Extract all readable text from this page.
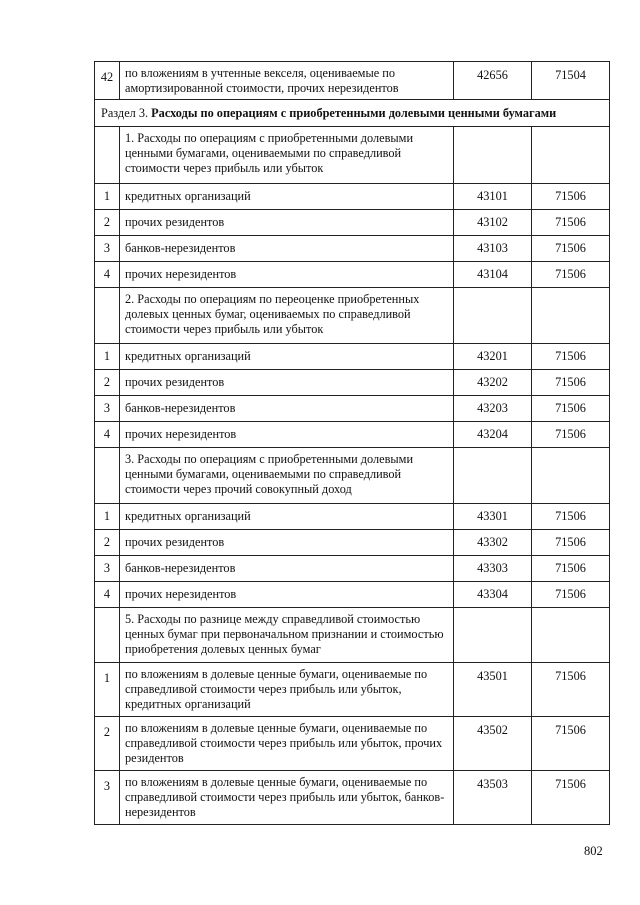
42	по вложениям в учтенные векселя, оцениваемые по амортизированной стоимости, прочих нерезидентов	42656	71504
Раздел 3. Расходы по операциям с приобретенными долевыми ценными бумагами			
	1. Расходы по операциям с приобретенными долевыми ценными бумагами, оцениваемыми по справедливой стоимости через прибыль или убыток		
1	кредитных организаций	43101	71506
2	прочих резидентов	43102	71506
3	банков-нерезидентов	43103	71506
4	прочих нерезидентов	43104	71506
	2. Расходы по операциям по переоценке приобретенных долевых ценных бумаг, оцениваемых по справедливой стоимости через прибыль или убыток		
1	кредитных организаций	43201	71506
2	прочих резидентов	43202	71506
3	банков-нерезидентов	43203	71506
4	прочих нерезидентов	43204	71506
	3. Расходы по операциям с приобретенными долевыми ценными бумагами, оцениваемыми по справедливой стоимости через прочий совокупный доход		
1	кредитных организаций	43301	71506
2	прочих резидентов	43302	71506
3	банков-нерезидентов	43303	71506
4	прочих нерезидентов	43304	71506
	5. Расходы по разнице между справедливой стоимостью ценных бумаг при первоначальном признании и стоимостью приобретения долевых ценных бумаг		
1	по вложениям в долевые ценные бумаги, оцениваемые по справедливой стоимости через прибыль или убыток, кредитных организаций	43501	71506
2	по вложениям в долевые ценные бумаги, оцениваемые по справедливой стоимости через прибыль или убыток, прочих резидентов	43502	71506
3	по вложениям в долевые ценные бумаги, оцениваемые по справедливой стоимости через прибыль или убыток, банков-нерезидентов	43503	71506
802
